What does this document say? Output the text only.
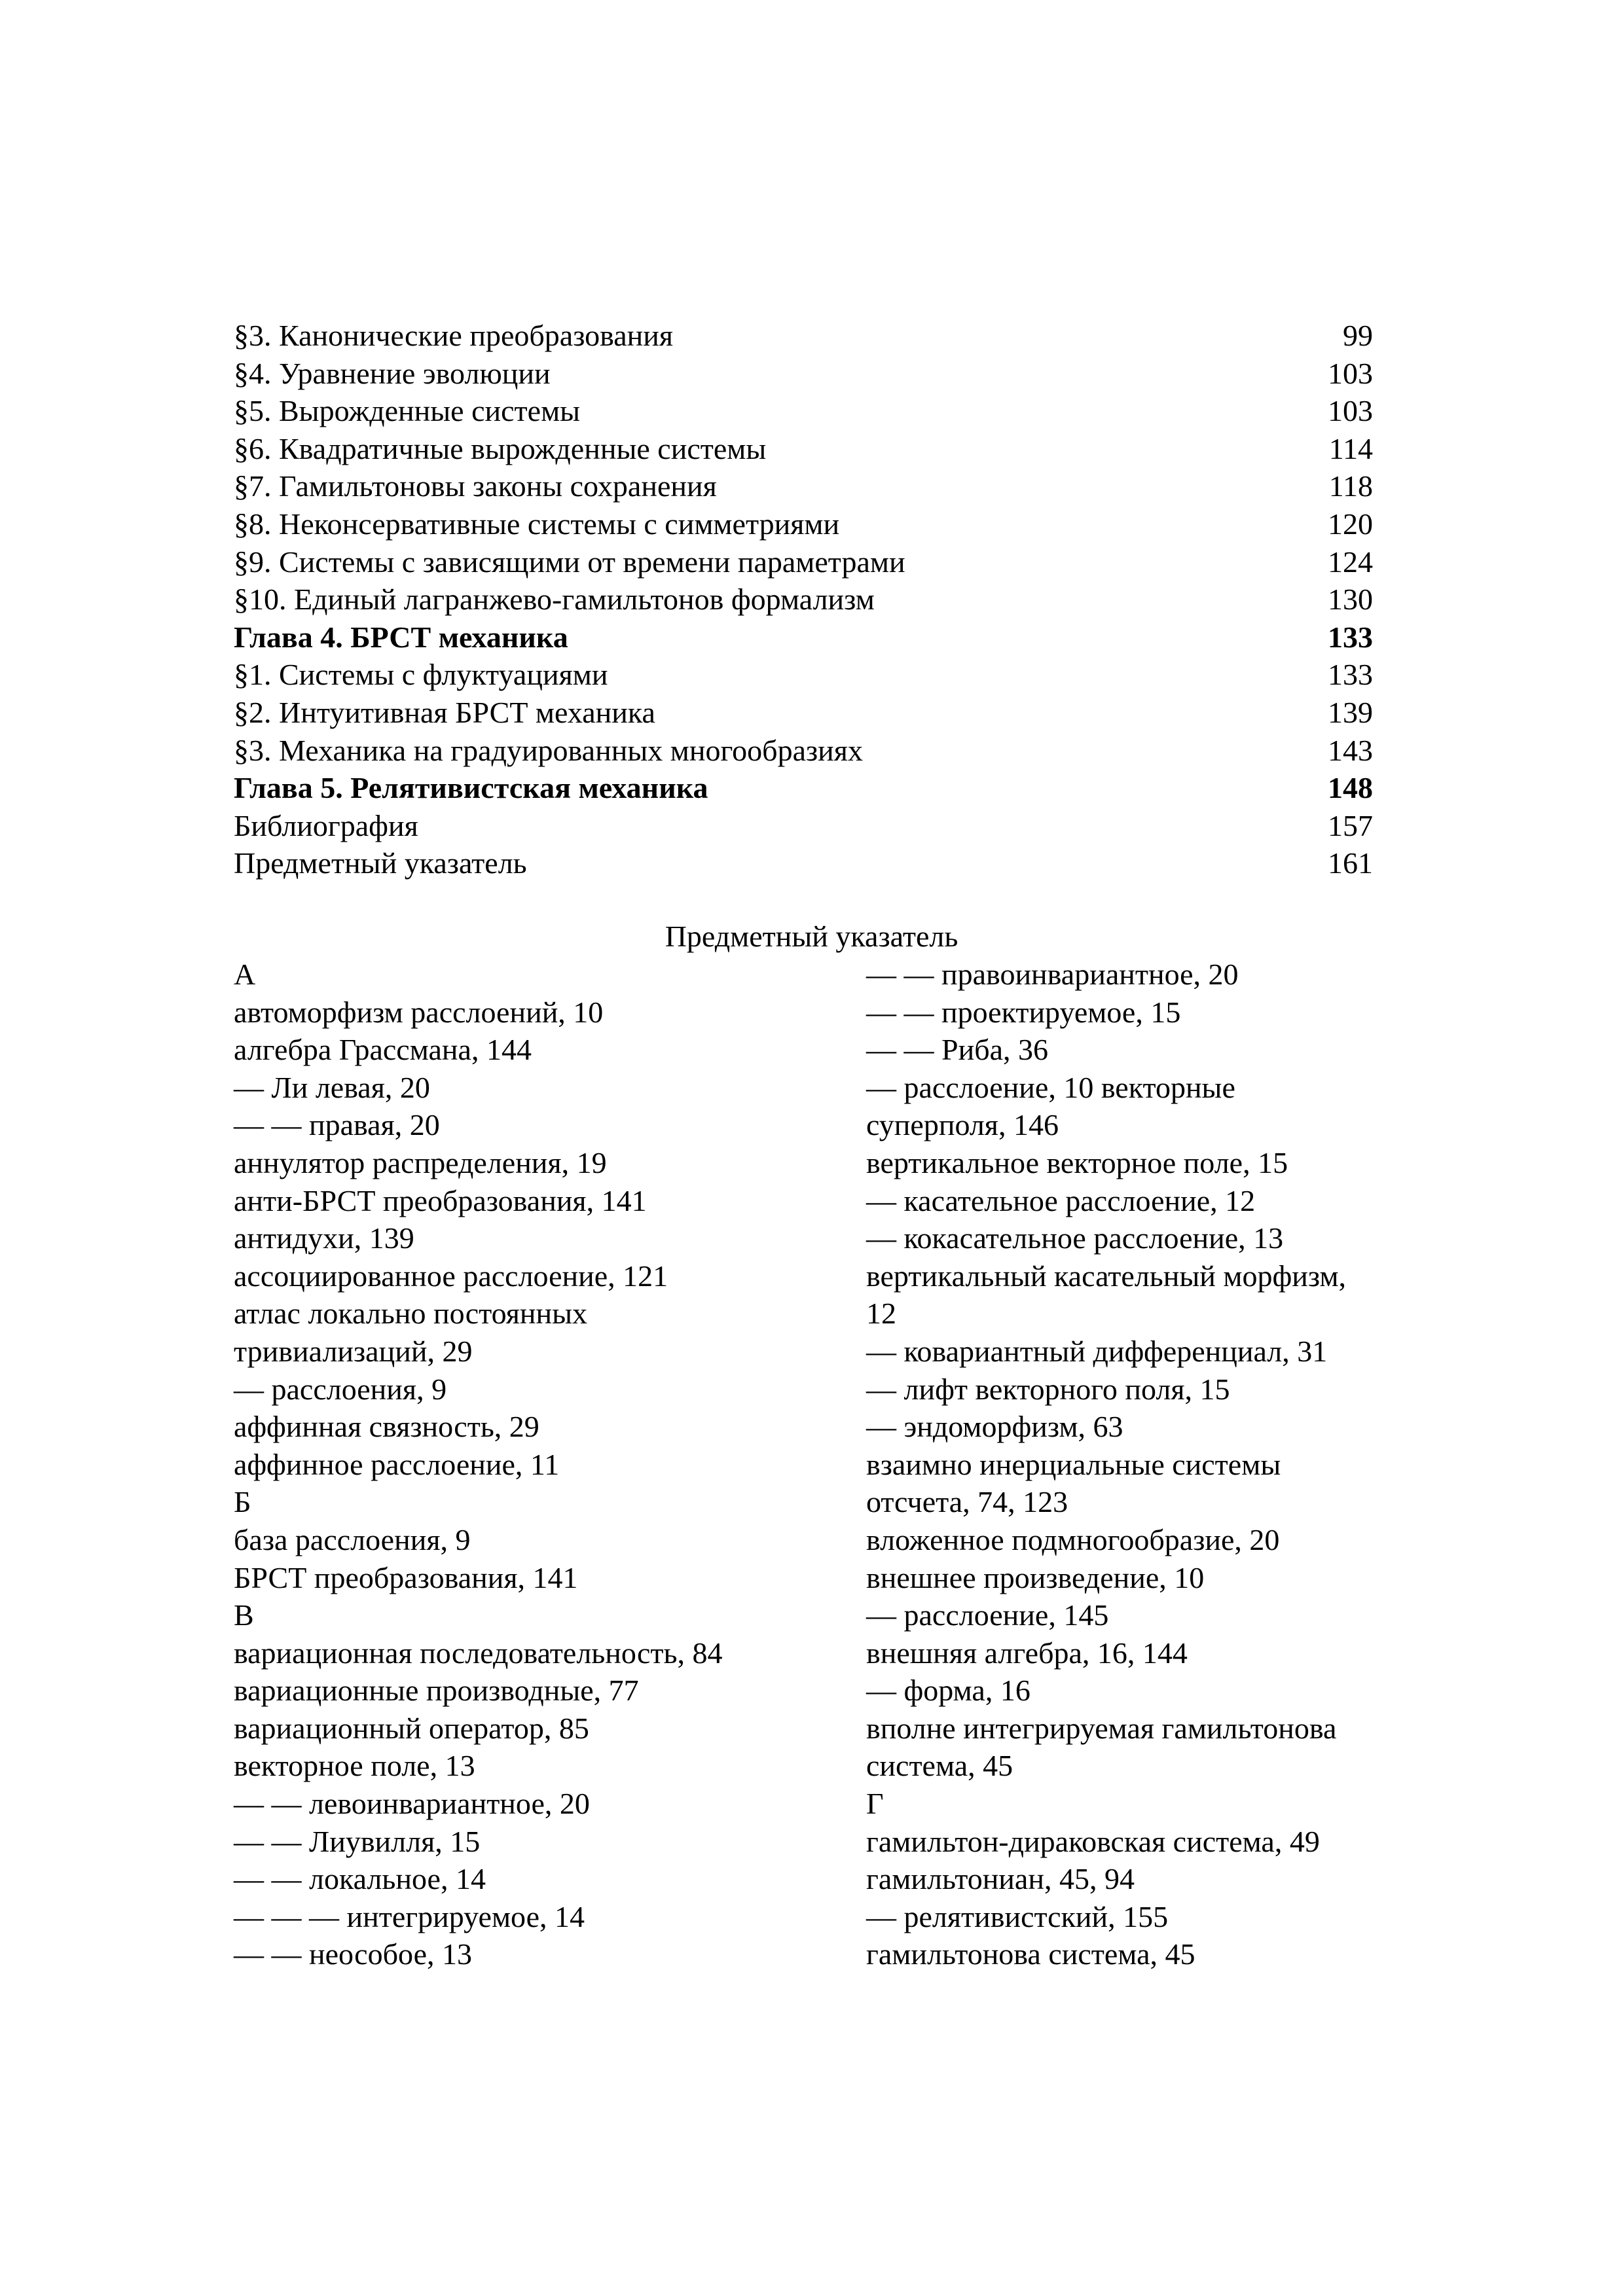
§3. Канонические преобразования	99
§4. Уравнение эволюции	103
§5. Вырожденные системы	103
§6. Квадратичные вырожденные системы	114
§7. Гамильтоновы законы сохранения	118
§8. Неконсервативные системы с симметриями	120
§9. Системы с зависящими от времени параметрами	124
§10. Единый лагранжево-гамильтонов формализм	130
Глава 4. БРСТ механика	133
§1. Системы с флуктуациями	133
§2. Интуитивная БРСТ механика	139
§3. Механика на градуированных многообразиях	143
Глава 5. Релятивистская механика	148
Библиография	157
Предметный указатель	161
Предметный указатель
А
автоморфизм расслоений, 10
алгебра Грассмана, 144
— Ли левая, 20
— — правая, 20
аннулятор распределения, 19
анти-БРСТ преобразования, 141
антидухи, 139
ассоциированное расслоение, 121
атлас локально постоянных
тривиализаций, 29
— расслоения, 9
аффинная связность, 29
аффинное расслоение, 11
Б
база расслоения, 9
БРСТ преобразования, 141
В
вариационная последовательность, 84
вариационные производные, 77
вариационный оператор, 85
векторное поле, 13
— — левоинвариантное, 20
— — Лиувилля, 15
— — локальное, 14
— — — интегрируемое, 14
— — неособое, 13
— — правоинвариантное, 20
— — проектируемое, 15
— — Риба, 36
— расслоение, 10 векторные
суперполя, 146
вертикальное векторное поле, 15
— касательное расслоение, 12
— кокасательное расслоение, 13
вертикальный касательный морфизм,
12
— ковариантный дифференциал, 31
— лифт векторного поля, 15
— эндоморфизм, 63
взаимно инерциальные системы
отсчета, 74, 123
вложенное подмногообразие, 20
внешнее произведение, 10
— расслоение, 145
внешняя алгебра, 16, 144
— форма, 16
вполне интегрируемая гамильтонова
система, 45
Г
гамильтон-дираковская система, 49
гамильтониан, 45, 94
— релятивистский, 155
гамильтонова система, 45
